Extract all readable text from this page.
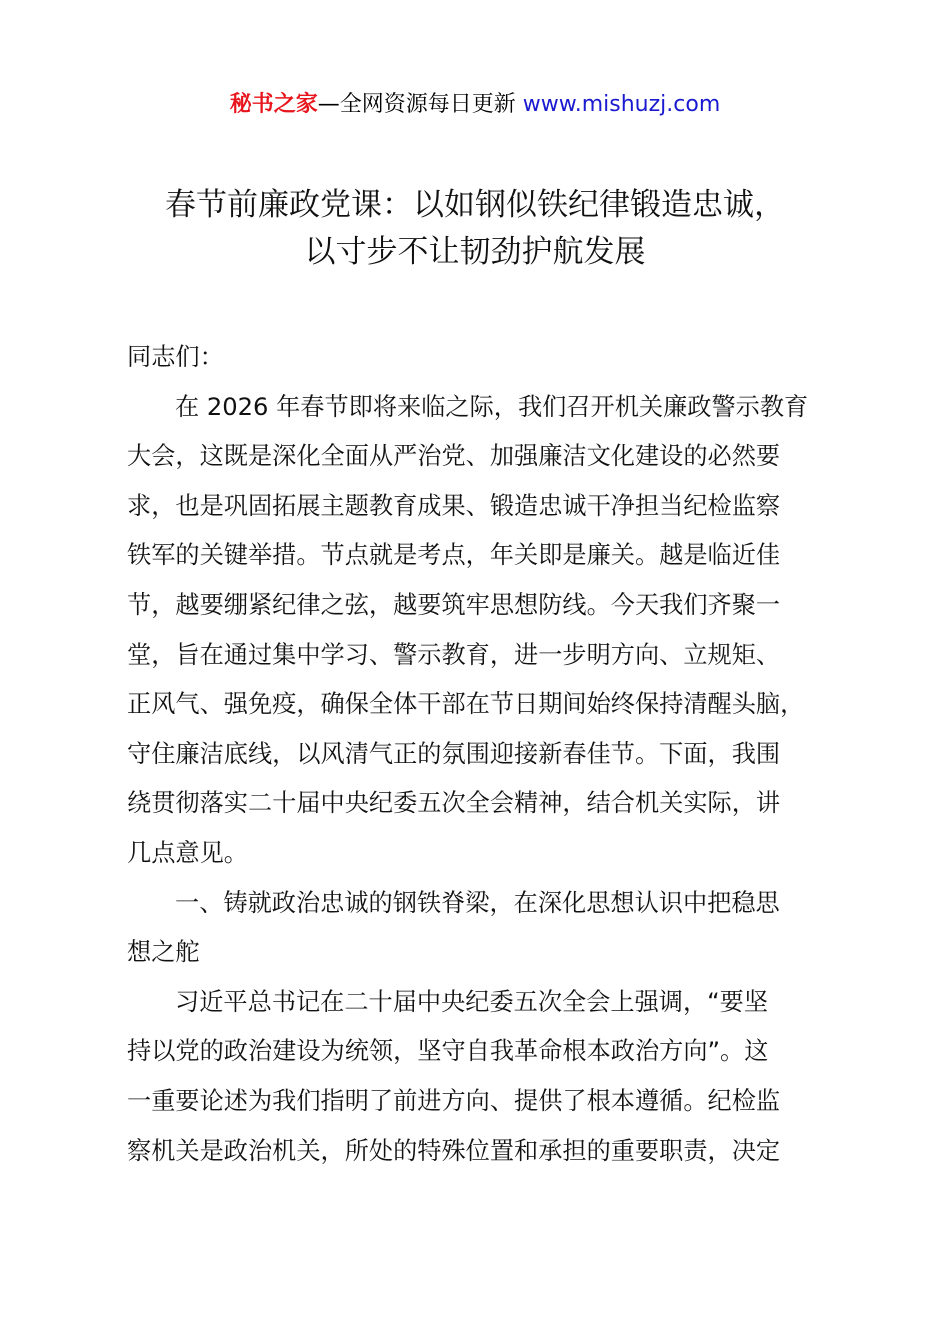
秘书之家—全网资源每日更新 www.mishuzj.com
春节前廉政党课：以如钢似铁纪律锻造忠诚，
以寸步不让韧劲护航发展

同志们：

在 2026 年春节即将来临之际，我们召开机关廉政警示教育
大会，这既是深化全面从严治党、加强廉洁文化建设的必然要
求，也是巩固拓展主题教育成果、锻造忠诚干净担当纪检监察
铁军的关键举措。节点就是考点，年关即是廉关。越是临近佳
节，越要绷紧纪律之弦，越要筑牢思想防线。今天我们齐聚一
堂，旨在通过集中学习、警示教育，进一步明方向、立规矩、
正风气、强免疫，确保全体干部在节日期间始终保持清醒头脑，
守住廉洁底线，以风清气正的氛围迎接新春佳节。下面，我围
绕贯彻落实二十届中央纪委五次全会精神，结合机关实际，讲
几点意见。

一、铸就政治忠诚的钢铁脊梁，在深化思想认识中把稳思
想之舵

习近平总书记在二十届中央纪委五次全会上强调，“要坚
持以党的政治建设为统领，坚守自我革命根本政治方向”。这
一重要论述为我们指明了前进方向、提供了根本遵循。纪检监
察机关是政治机关，所处的特殊位置和承担的重要职责，决定
